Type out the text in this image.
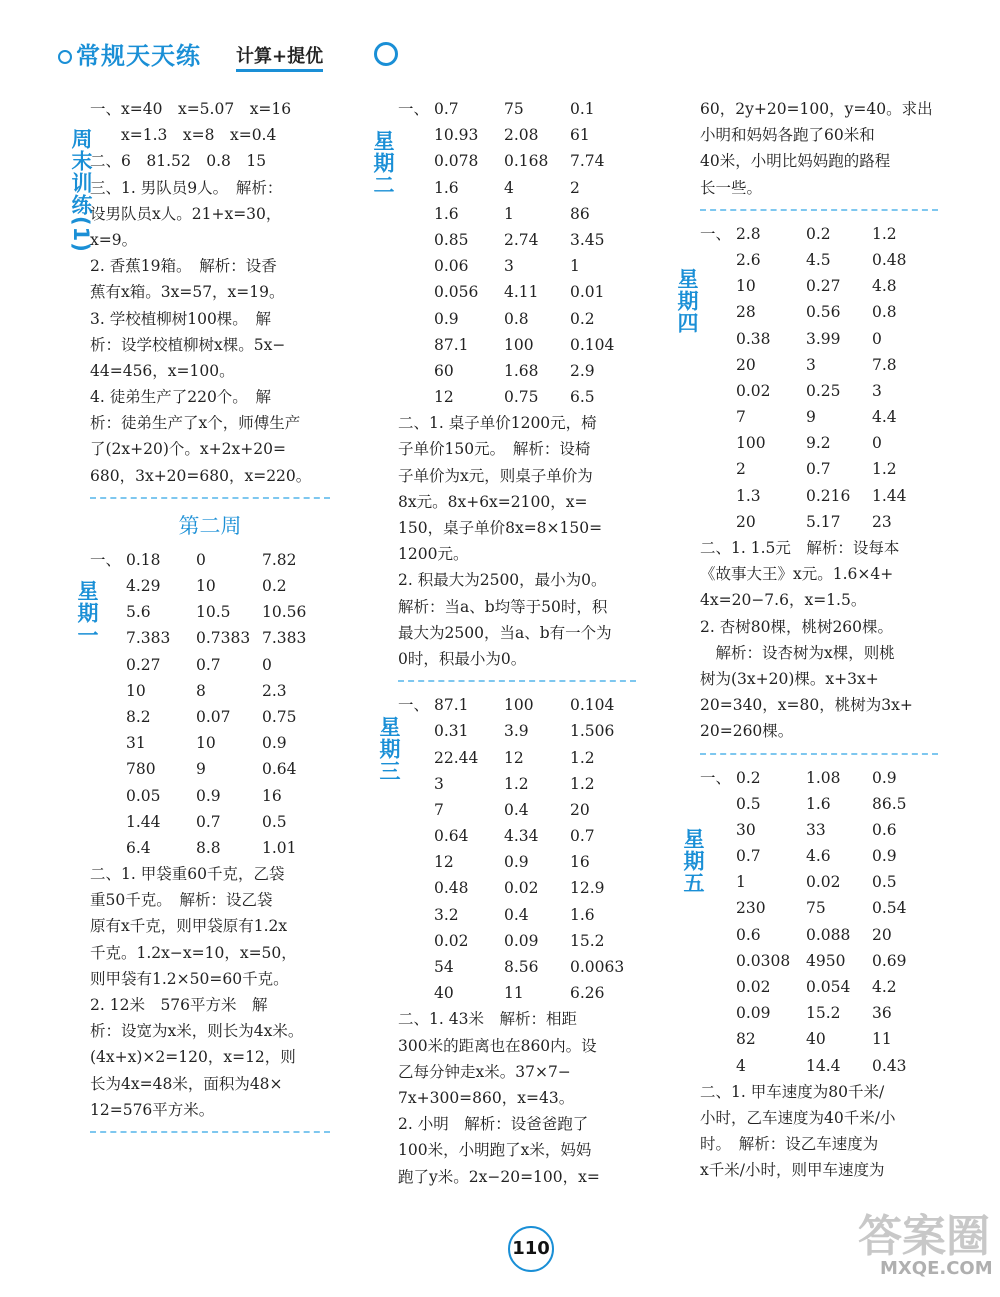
常规天天练 计算+提优
周末训练(1)
星期一
一、x=40　x=5.07　x=16
　　x=1.3　x=8　x=0.4
二、6　81.52　0.8　15
三、1. 男队员9人。　解析：
设男队员x人。21+x=30，
x=9。
2. 香蕉19箱。　解析：设香
蕉有x箱。3x=57，x=19。
3. 学校植柳树100棵。　解
析：设学校植柳树x棵。5x−
44=456，x=100。
4. 徒弟生产了220个。　解
析：徒弟生产了x个，师傅生产
了(2x+20)个。x+2x+20=
680，3x+20=680，x=220。
第二周
一、 0.18	0	7.82
4.29	10	0.2
5.6	10.5	10.56
7.383	0.7383 7.383
0.27	0.7	0
10	8	2.3
8.2	0.07	0.75
31	10	0.9
780	9	0.64
0.05	0.9	16
1.44	0.7	0.5
6.4	8.8	1.01
二、1. 甲袋重60千克，乙袋
重50千克。　解析：设乙袋
原有x千克，则甲袋原有1.2x
千克。1.2x−x=10，x=50，
则甲袋有1.2×50=60千克。
2. 12米　576平方米　解
析：设宽为x米，则长为4x米。
(4x+x)×2=120，x=12，则
长为4x=48米，面积为48×
12=576平方米。
星期二
星期三
一、 0.7	75	0.1
10.93	2.08	61
0.078	0.168	7.74
1.6	4	2
1.6	1	86
0.85	2.74	3.45
0.06	3	1
0.056	4.11	0.01
0.9	0.8	0.2
87.1	100	0.104
60	1.68	2.9
12	0.75	6.5
二、1. 桌子单价1200元，椅
子单价150元。　解析：设椅
子单价为x元，则桌子单价为
8x元。8x+6x=2100，x=
150，桌子单价8x=8×150=
1200元。
2. 积最大为2500，最小为0。
解析：当a、b均等于50时，积
最大为2500，当a、b有一个为
0时，积最小为0。
一、 87.1	100	0.104
0.31	3.9	1.506
22.44	12	1.2
3	1.2	1.2
7	0.4	20
0.64	4.34	0.7
12	0.9	16
0.48	0.02	12.9
3.2	0.4	1.6
0.02	0.09	15.2
54	8.56	0.0063
40	11	6.26
二、1. 43米　解析：相距
300米的距离也在860内。设
乙每分钟走x米。37×7−
7x+300=860，x=43。
2. 小明　解析：设爸爸跑了
100米，小明跑了x米，妈妈
跑了y米。2x−20=100，x=
星期四
星期五
60，2y+20=100，y=40。求出
小明和妈妈各跑了60米和
40米，小明比妈妈跑的路程
长一些。
一、 2.8	0.2	1.2
2.6	4.5	0.48
10	0.27	4.8
28	0.56	0.8
0.38	3.99	0
20	3	7.8
0.02	0.25	3
7	9	4.4
100	9.2	0
2	0.7	1.2
1.3	0.216	1.44
20	5.17	23
二、1. 1.5元　解析：设每本
《故事大王》x元。1.6×4+
4x=20−7.6，x=1.5。
2. 杏树80棵，桃树260棵。
　解析：设杏树为x棵，则桃
树为(3x+20)棵。x+3x+
20=340，x=80，桃树为3x+
20=260棵。
一、 0.2	1.08	0.9
0.5	1.6	86.5
30	33	0.6
0.7	4.6	0.9
1	0.02	0.5
230	75	0.54
0.6	0.088	20
0.0308	4950	0.69
0.02	0.054	4.2
0.09	15.2	36
82	40	11
4	14.4	0.43
二、1. 甲车速度为80千米/
小时，乙车速度为40千米/小
时。　解析：设乙车速度为
x千米/小时，则甲车速度为
110	答案圈
MXQE.COM
